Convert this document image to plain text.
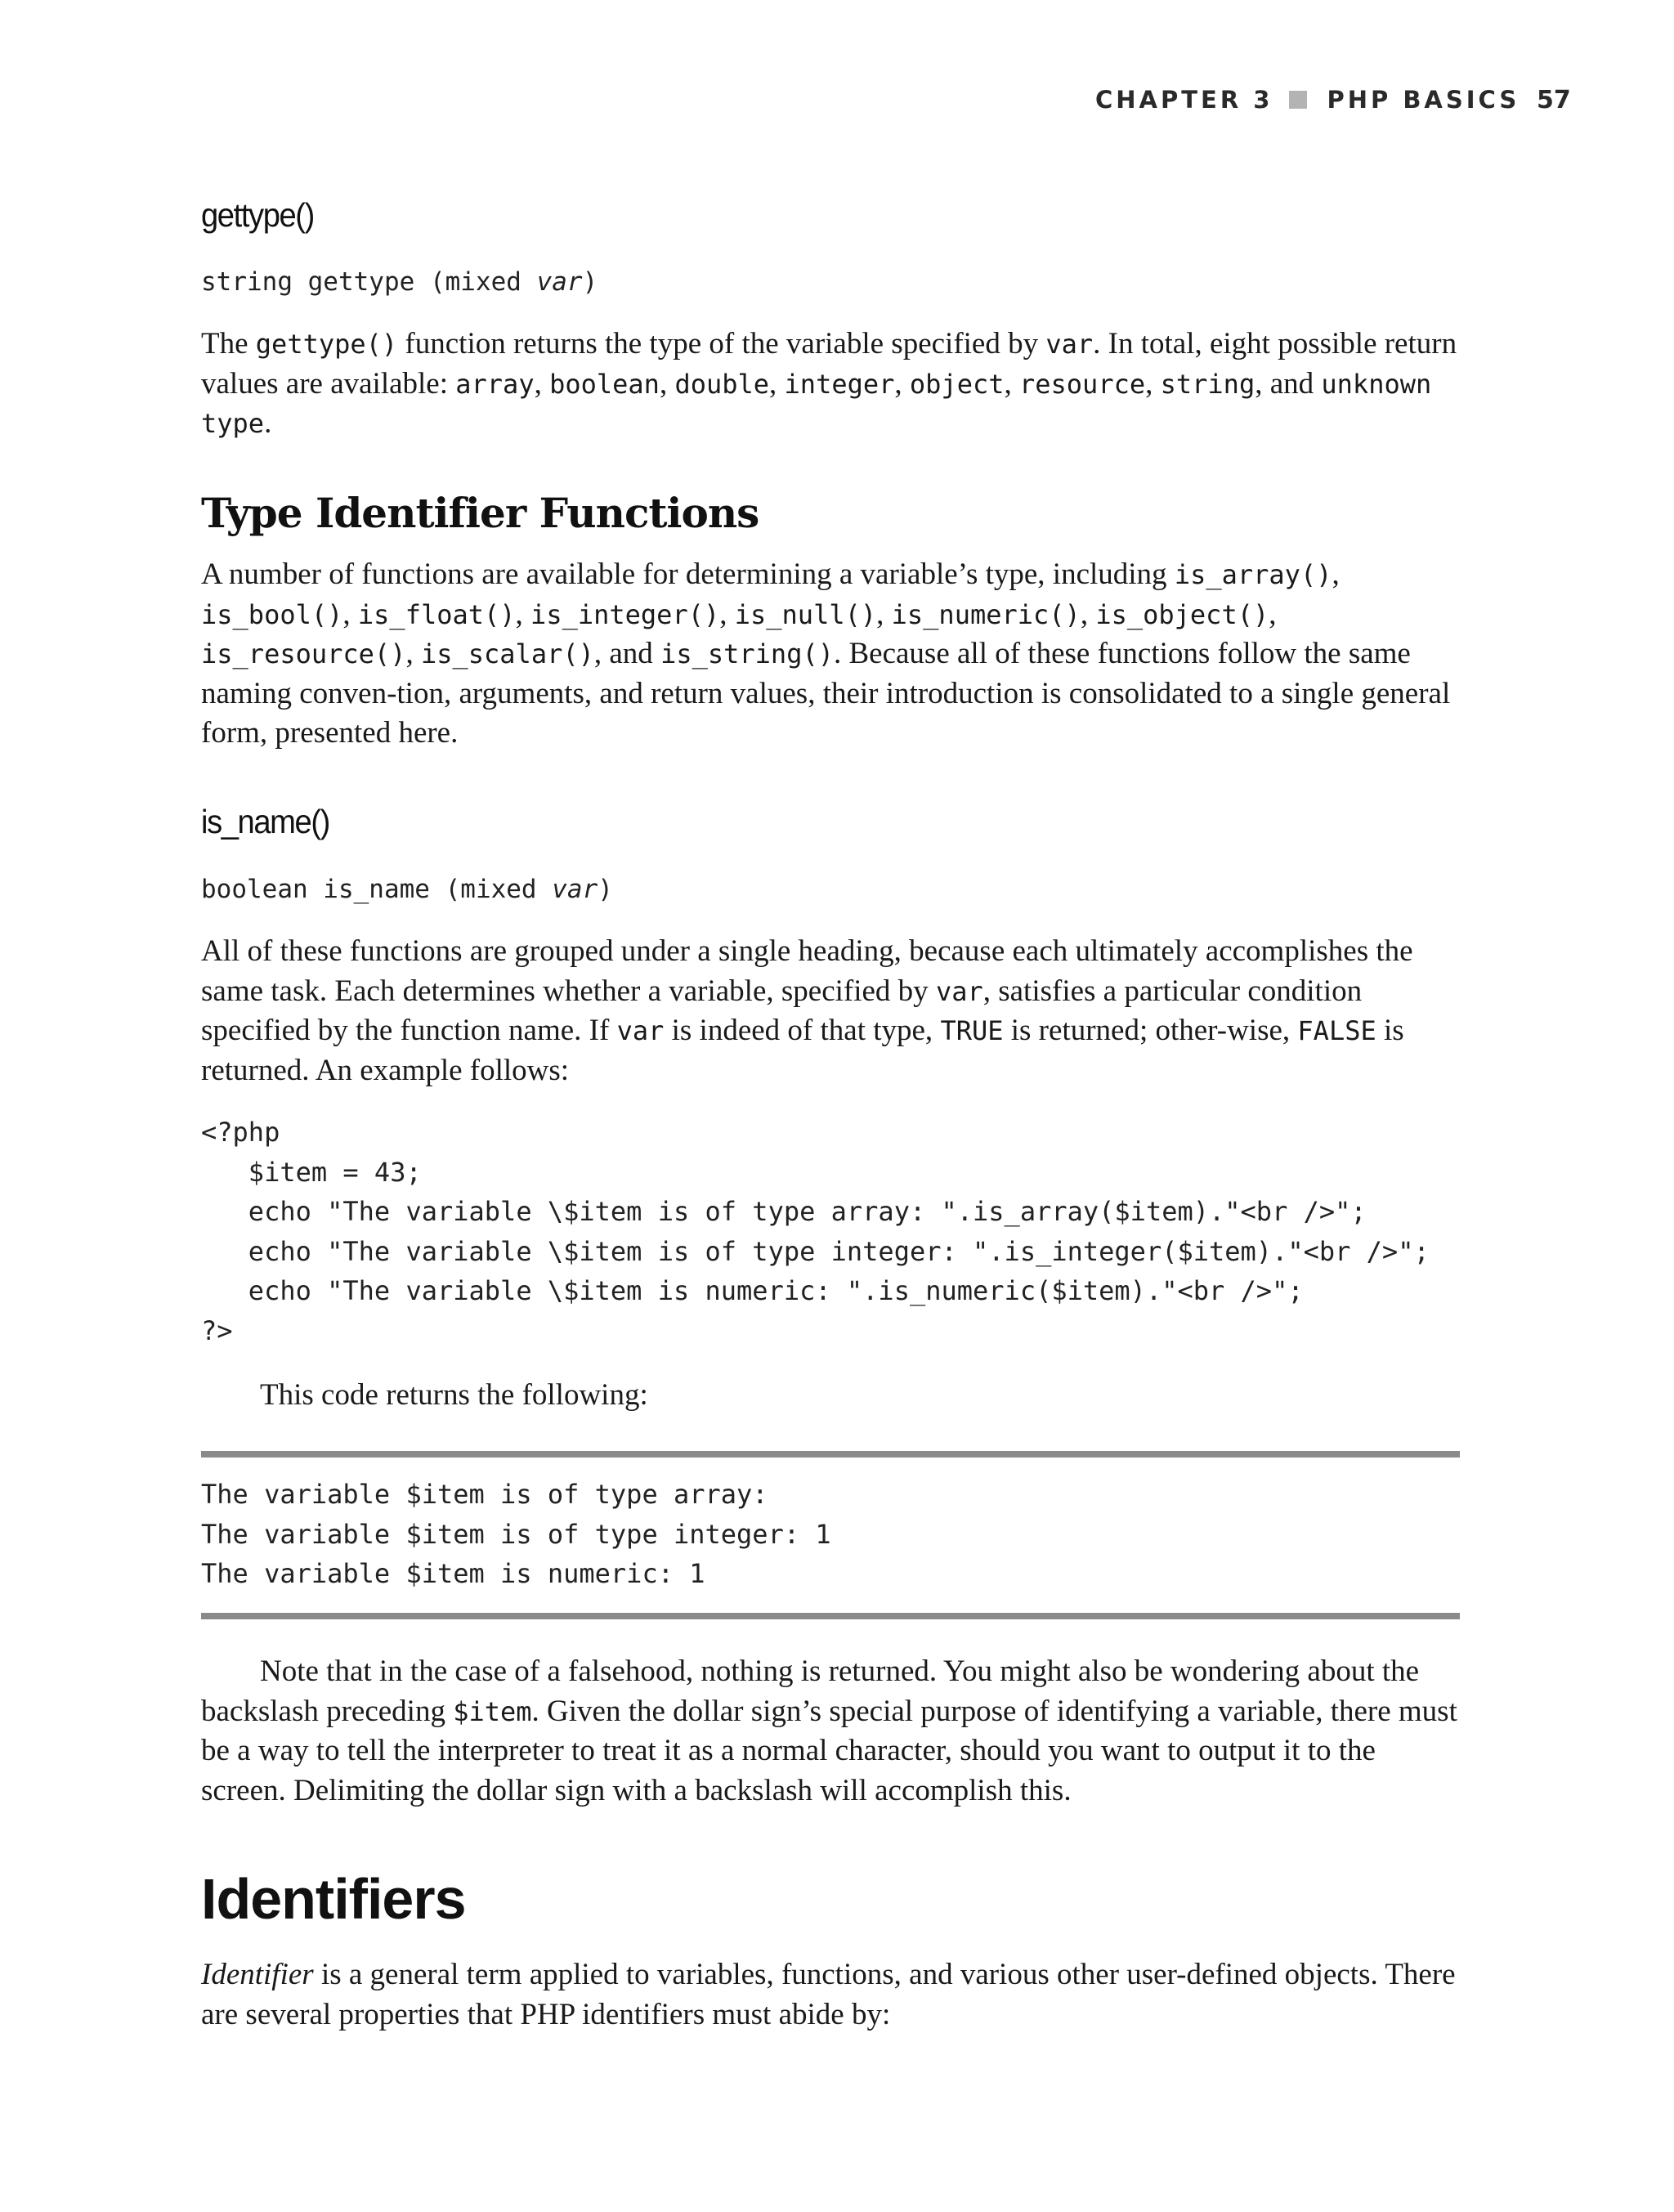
CHAPTER 3 PHP BASICS 57
gettype()
string gettype (mixed var)
The gettype() function returns the type of the variable specified by var. In total, eight possible return values are available: array, boolean, double, integer, object, resource, string, and unknown type.
Type Identifier Functions
A number of functions are available for determining a variable’s type, including is_array(), is_bool(), is_float(), is_integer(), is_null(), is_numeric(), is_object(), is_resource(), is_scalar(), and is_string(). Because all of these functions follow the same naming conven-tion, arguments, and return values, their introduction is consolidated to a single general form, presented here.
is_name()
boolean is_name (mixed var)
All of these functions are grouped under a single heading, because each ultimately accomplishes the same task. Each determines whether a variable, specified by var, satisfies a particular condition specified by the function name. If var is indeed of that type, TRUE is returned; other-wise, FALSE is returned. An example follows:
<?php
$item = 43;
echo "The variable \$item is of type array: ".is_array($item)."<br />";
echo "The variable \$item is of type integer: ".is_integer($item)."<br />";
echo "The variable \$item is numeric: ".is_numeric($item)."<br />";
?>
This code returns the following:
The variable $item is of type array:
The variable $item is of type integer: 1
The variable $item is numeric: 1
Note that in the case of a falsehood, nothing is returned. You might also be wondering about the backslash preceding $item. Given the dollar sign’s special purpose of identifying a variable, there must be a way to tell the interpreter to treat it as a normal character, should you want to output it to the screen. Delimiting the dollar sign with a backslash will accomplish this.
Identifiers
Identifier is a general term applied to variables, functions, and various other user-defined objects. There are several properties that PHP identifiers must abide by:
